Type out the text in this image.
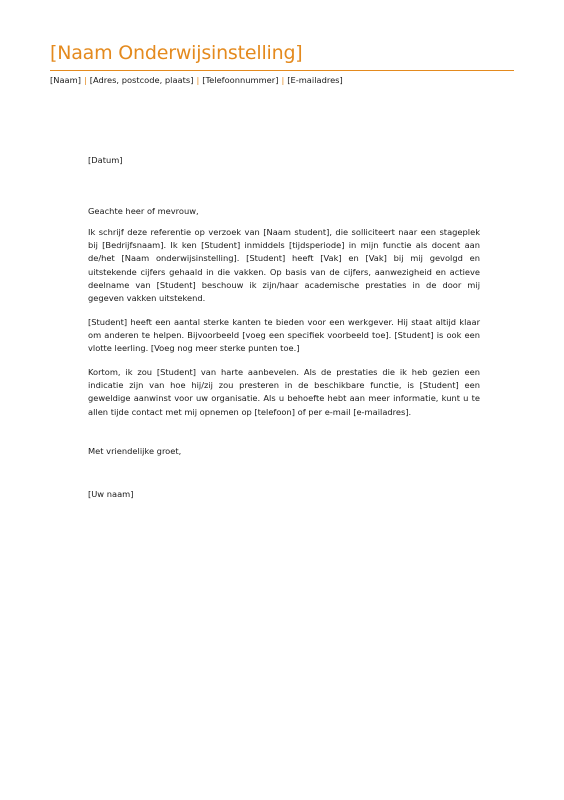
[Naam Onderwijsinstelling]
[Naam] | [Adres, postcode, plaats] | [Telefoonnummer] | [E-mailadres]

[Datum]

Geachte heer of mevrouw,

Ik schrijf deze referentie op verzoek van [Naam student], die solliciteert naar een stageplek bij [Bedrijfsnaam]. Ik ken [Student] inmiddels [tijdsperiode] in mijn functie als docent aan de/het [Naam onderwijsinstelling]. [Student] heeft [Vak] en [Vak] bij mij gevolgd en uitstekende cijfers gehaald in die vakken. Op basis van de cijfers, aanwezigheid en actieve deelname van [Student] beschouw ik zijn/haar academische prestaties in de door mij gegeven vakken uitstekend.

[Student] heeft een aantal sterke kanten te bieden voor een werkgever. Hij staat altijd klaar om anderen te helpen. Bijvoorbeeld [voeg een specifiek voorbeeld toe]. [Student] is ook een vlotte leerling. [Voeg nog meer sterke punten toe.]

Kortom, ik zou [Student] van harte aanbevelen. Als de prestaties die ik heb gezien een indicatie zijn van hoe hij/zij zou presteren in de beschikbare functie, is [Student] een geweldige aanwinst voor uw organisatie. Als u behoefte hebt aan meer informatie, kunt u te allen tijde contact met mij opnemen op [telefoon] of per e-mail [e-mailadres].

Met vriendelijke groet,

[Uw naam]
